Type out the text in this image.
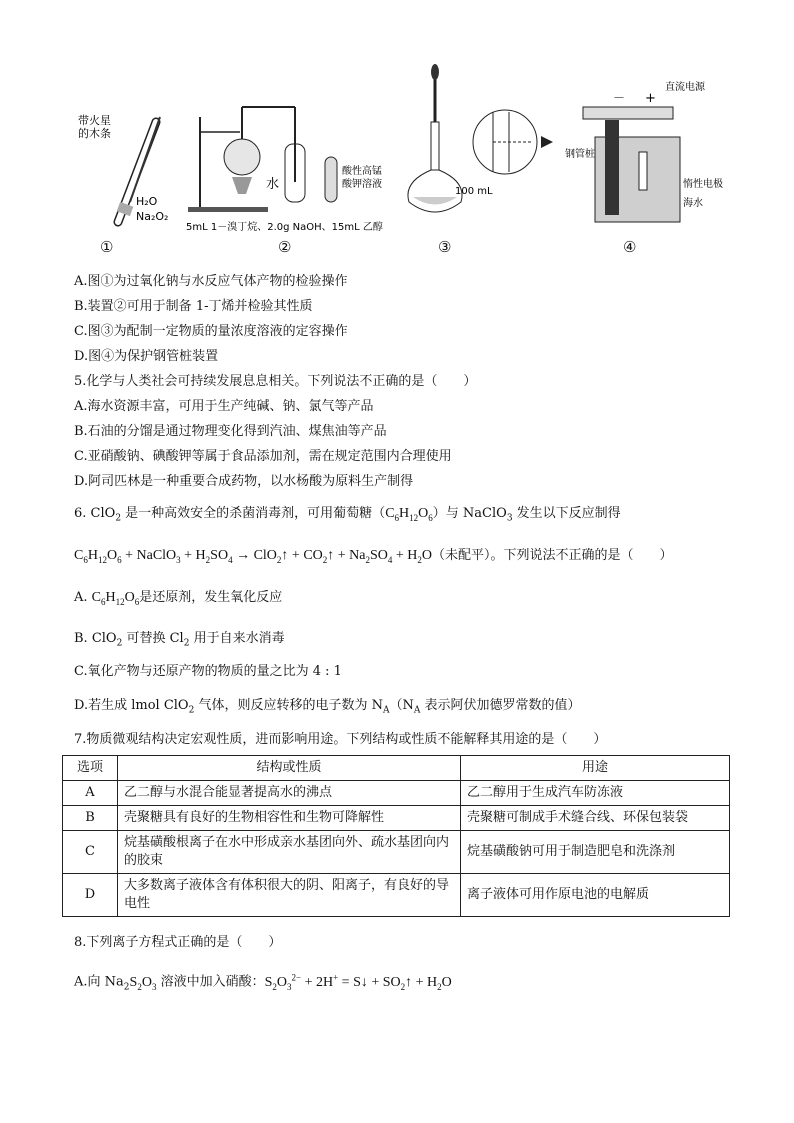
带火星
的木条
H₂O
Na₂O₂
①
水
酸性高锰
酸钾溶液
5mL 1－溴丁烷、2.0g NaOH、15mL 乙醇
②
100 mL
③
直流电源
－ +
钢管桩
惰性电极
海水
④
A.图①为过氧化钠与水反应气体产物的检验操作
B.装置②可用于制备 1-丁烯并检验其性质
C.图③为配制一定物质的量浓度溶液的定容操作
D.图④为保护钢管桩装置
5.化学与人类社会可持续发展息息相关。下列说法不正确的是（　　）
A.海水资源丰富，可用于生产纯碱、钠、氯气等产品
B.石油的分馏是通过物理变化得到汽油、煤焦油等产品
C.亚硝酸钠、碘酸钾等属于食品添加剂，需在规定范围内合理使用
D.阿司匹林是一种重要合成药物，以水杨酸为原料生产制得
6. ClO$_2$ 是一种高效安全的杀菌消毒剂，可用葡萄糖$(C_6H_{12}O_6)$与 NaClO$_3$ 发生以下反应制得
$C_6H_{12}O_6$ + NaClO$_3$ + $H_2SO_4$ → ClO$_2$↑ + $CO_2↑ + Na_2SO_4 + H_2O$（未配平）。下列说法不正确的是（　　）
A. $C_6H_{12}O_6$是还原剂，发生氧化反应
B. ClO$_2$ 可替换 $Cl_2$ 用于自来水消毒
C.氧化产物与还原产物的物质的量之比为 4 : 1
D.若生成 lmol ClO$_2$ 气体，则反应转移的电子数为 $N_A(N_A$ 表示阿伏加德罗常数的值）
7.物质微观结构决定宏观性质，进而影响用途。下列结构或性质不能解释其用途的是（　　）
选项	结构或性质	用途
A	乙二醇与水混合能显著提高水的沸点	乙二醇用于生成汽车防冻液
B	壳聚糖具有良好的生物相容性和生物可降解性	壳聚糖可制成手术缝合线、环保包装袋
C	烷基磺酸根离子在水中形成亲水基团向外、疏水基团向内的胶束	烷基磺酸钠可用于制造肥皂和洗涤剂
D	大多数离子液体含有体积很大的阴、阳离子，有良好的导电性	离子液体可用作原电池的电解质
8.下列离子方程式正确的是（　　）
A.向 $Na_2S_2O_3$ 溶液中加入硝酸：$S_2O_3^{2-} + 2H^+$ = S↓ + $SO_2↑ + H_2O$
